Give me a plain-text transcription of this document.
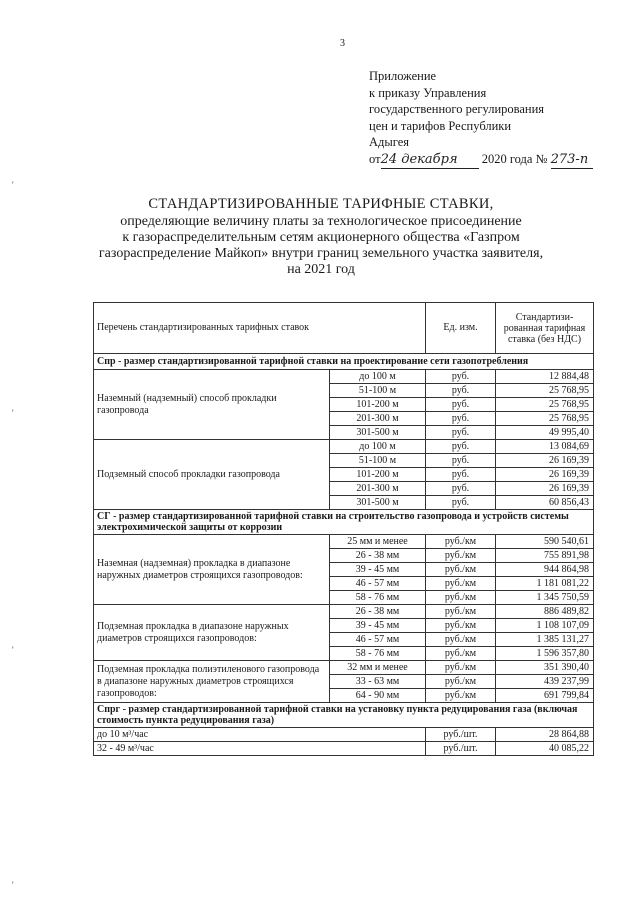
3
Приложение
к приказу Управления
государственного регулирования
цен и тарифов Республики
Адыгея
от24 декабря 2020 года № 273-п
СТАНДАРТИЗИРОВАННЫЕ ТАРИФНЫЕ СТАВКИ,
определяющие величину платы за технологическое присоединение
к газораспределительным сетям акционерного общества «Газпром
газораспределение Майкоп» внутри границ земельного участка заявителя,
на 2021 год
Перечень стандартизированных тарифных ставок		Ед. изм.	Стандартизи-рованная тарифная ставка (без НДС)
Спр - размер стандартизированной тарифной ставки на проектирование сети газопотребления			
Наземный (надземный) способ прокладки газопровода	до 100 м	руб.	12 884,48
	51-100 м	руб.	25 768,95
	101-200 м	руб.	25 768,95
	201-300 м	руб.	25 768,95
	301-500 м	руб.	49 995,40
Подземный способ прокладки газопровода	до 100 м	руб.	13 084,69
	51-100 м	руб.	26 169,39
	101-200 м	руб.	26 169,39
	201-300 м	руб.	26 169,39
	301-500 м	руб.	60 856,43
СГ - размер стандартизированной тарифной ставки на строительство газопровода и устройств системы электрохимической защиты от коррозии			
Наземная (надземная) прокладка в диапазоне наружных диаметров строящихся газопроводов:	25 мм и менее	руб./км	590 540,61
	26 - 38 мм	руб./км	755 891,98
	39 - 45 мм	руб./км	944 864,98
	46 - 57 мм	руб./км	1 181 081,22
	58 - 76 мм	руб./км	1 345 750,59
Подземная прокладка в диапазоне наружных диаметров строящихся газопроводов:	26 - 38 мм	руб./км	886 489,82
	39 - 45 мм	руб./км	1 108 107,09
	46 - 57 мм	руб./км	1 385 131,27
	58 - 76 мм	руб./км	1 596 357,80
Подземная прокладка полиэтиленового газопровода в диапазоне наружных диаметров строящихся газопроводов:	32 мм и менее	руб./км	351 390,40
	33 - 63 мм	руб./км	439 237,99
	64 - 90 мм	руб./км	691 799,84
Спрг - размер стандартизированной тарифной ставки на установку пункта редуцирования газа (включая стоимость пункта редуцирования газа)			
до 10 м³/час		руб./шт.	28 864,88
32 - 49 м³/час		руб./шт.	40 085,22
'
'
'
'
